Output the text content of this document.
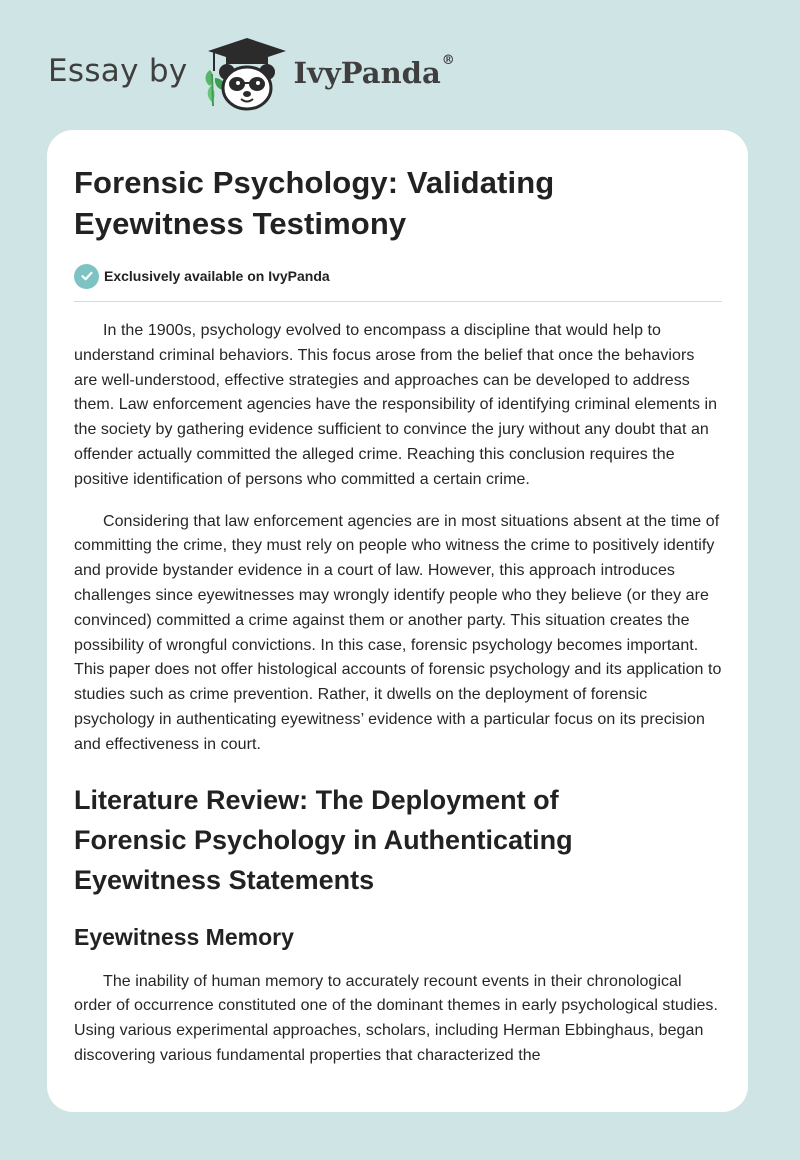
Essay by	IvyPanda®
Forensic Psychology: Validating
Eyewitness Testimony
Exclusively available on IvyPanda

In the 1900s, psychology evolved to encompass a discipline that would help to understand criminal behaviors. This focus arose from the belief that once the behaviors are well-understood, effective strategies and approaches can be developed to address them. Law enforcement agencies have the responsibility of identifying criminal elements in the society by gathering evidence sufficient to convince the jury without any doubt that an offender actually committed the alleged crime. Reaching this conclusion requires the positive identification of persons who committed a certain crime.

Considering that law enforcement agencies are in most situations absent at the time of committing the crime, they must rely on people who witness the crime to positively identify and provide bystander evidence in a court of law. However, this approach introduces challenges since eyewitnesses may wrongly identify people who they believe (or they are convinced) committed a crime against them or another party. This situation creates the possibility of wrongful convictions. In this case, forensic psychology becomes important. This paper does not offer histological accounts of forensic psychology and its application to studies such as crime prevention. Rather, it dwells on the deployment of forensic psychology in authenticating eyewitness’ evidence with a particular focus on its precision and effectiveness in court.

Literature Review: The Deployment of
Forensic Psychology in Authenticating
Eyewitness Statements
Eyewitness Memory

The inability of human memory to accurately recount events in their chronological order of occurrence constituted one of the dominant themes in early psychological studies. Using various experimental approaches, scholars, including Herman Ebbinghaus, began discovering various fundamental properties that characterized the
